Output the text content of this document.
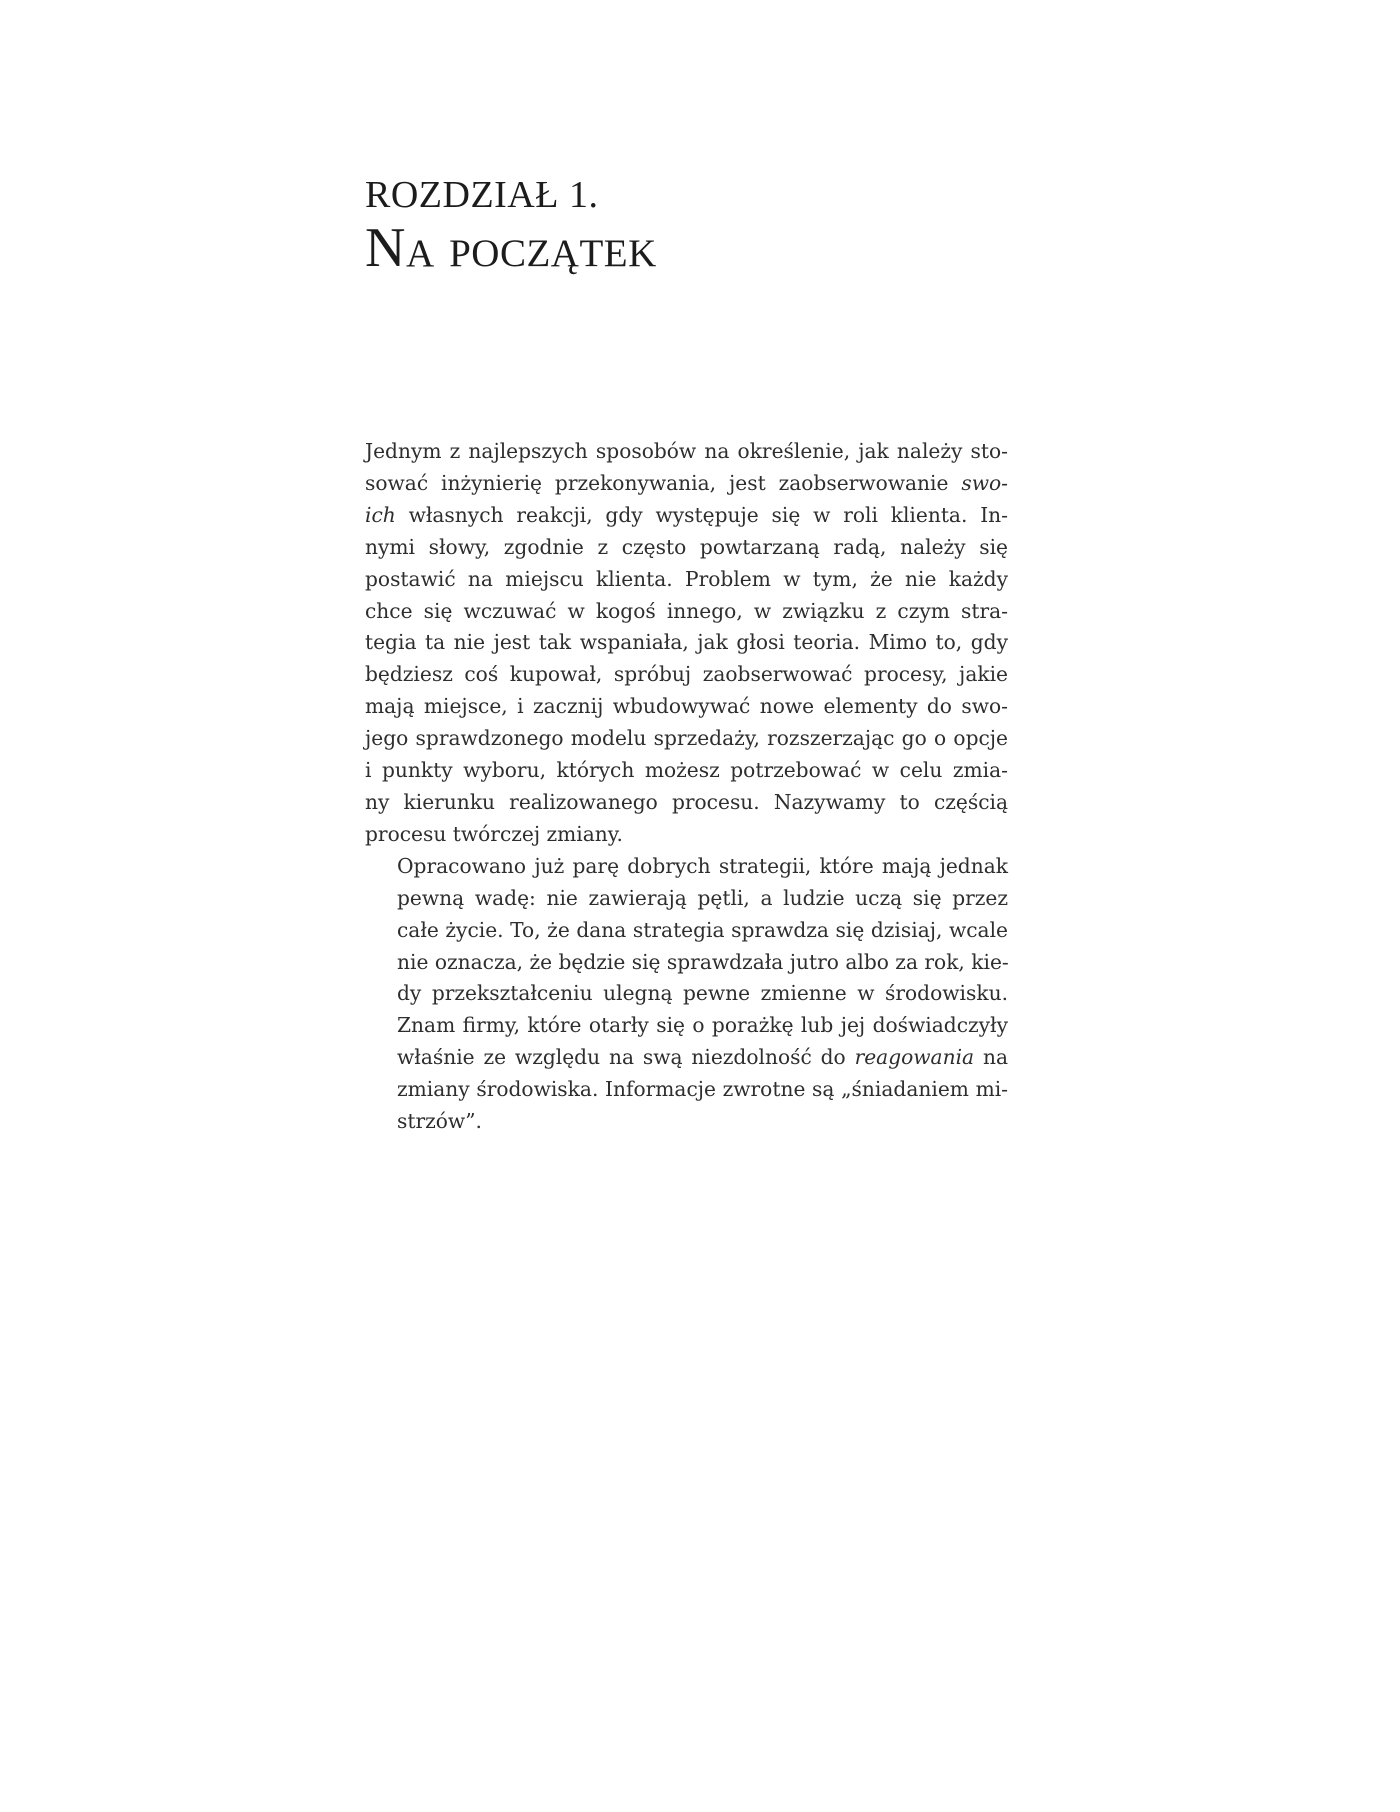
ROZDZIAŁ 1.
Na początek

Jednym z najlepszych sposobów na określenie, jak należy sto-
sować inżynierię przekonywania, jest zaobserwowanie swo-
ich własnych reakcji, gdy występuje się w roli klienta. In-
nymi słowy, zgodnie z często powtarzaną radą, należy się
postawić na miejscu klienta. Problem w tym, że nie każdy
chce się wczuwać w kogoś innego, w związku z czym stra-
tegia ta nie jest tak wspaniała, jak głosi teoria. Mimo to, gdy
będziesz coś kupował, spróbuj zaobserwować procesy, jakie
mają miejsce, i zacznij wbudowywać nowe elementy do swo-
jego sprawdzonego modelu sprzedaży, rozszerzając go o opcje
i punkty wyboru, których możesz potrzebować w celu zmia-
ny kierunku realizowanego procesu. Nazywamy to częścią
procesu twórczej zmiany.

Opracowano już parę dobrych strategii, które mają jednak
pewną wadę: nie zawierają pętli, a ludzie uczą się przez
całe życie. To, że dana strategia sprawdza się dzisiaj, wcale
nie oznacza, że będzie się sprawdzała jutro albo za rok, kie-
dy przekształceniu ulegną pewne zmienne w środowisku.
Znam firmy, które otarły się o porażkę lub jej doświadczyły
właśnie ze względu na swą niezdolność do reagowania na
zmiany środowiska. Informacje zwrotne są „śniadaniem mi-
strzów”.
